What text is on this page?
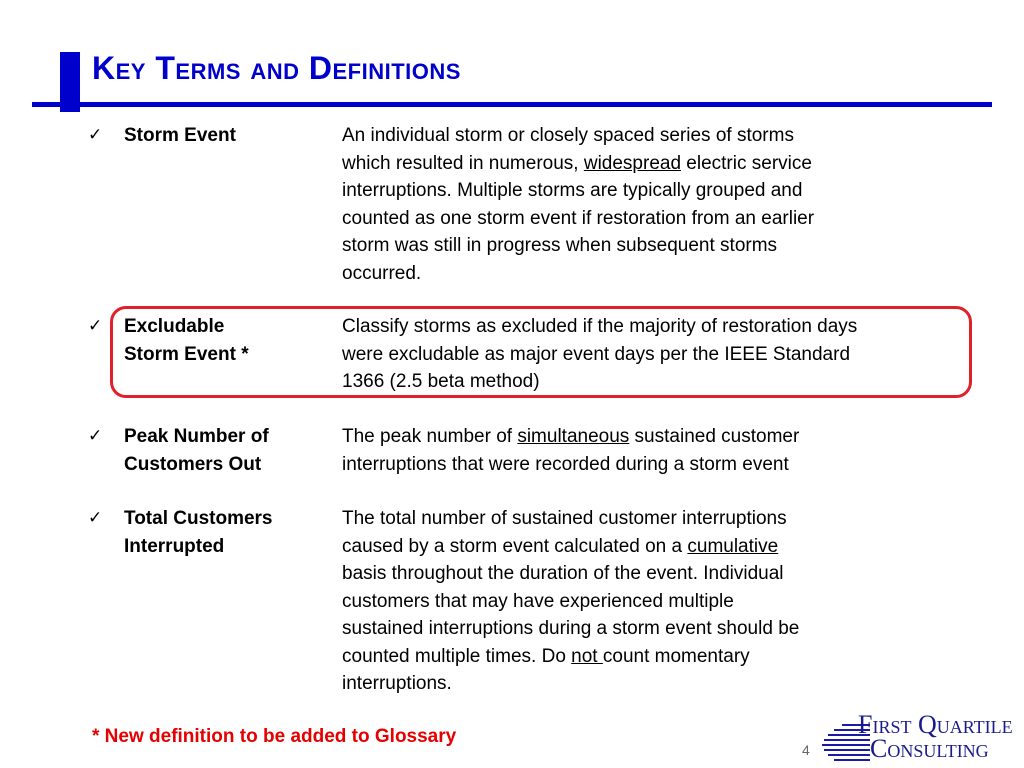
Key Terms and Definitions
✓ Storm Event	An individual storm or closely spaced series of storms
which resulted in numerous, widespread electric service
interruptions. Multiple storms are typically grouped and
counted as one storm event if restoration from an earlier
storm was still in progress when subsequent storms
occurred.
✓ Excludable
Storm Event *
Classify storms as excluded if the majority of restoration days
were excludable as major event days per the IEEE Standard
1366 (2.5 beta method)
✓ Peak Number of
Customers Out
The peak number of simultaneous sustained customer
interruptions that were recorded during a storm event
✓ Total Customers
Interrupted
The total number of sustained customer interruptions
caused by a storm event calculated on a cumulative
basis throughout the duration of the event. Individual
customers that may have experienced multiple
sustained interruptions during a storm event should be
counted multiple times. Do not count momentary
interruptions.
* New definition to be added to Glossary
4
First Quartile
Consulting
